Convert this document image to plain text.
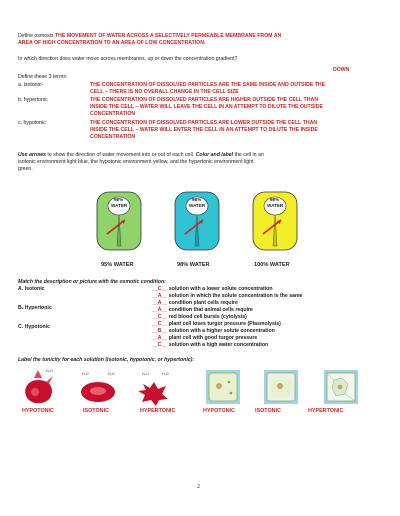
Define osmosis. THE MOVEMENT OF WATER ACROSS A SELECTIVELY PERMEABLE MEMBRANE FROM AN
AREA OF HIGH CONCENTRATION TO AN AREA OF LOW CONCENTRATION.
In which direction does water move across membranes, up or down the concentration gradient?
DOWN
Define these 3 terms:
a. isotonic-	THE CONCENTRATION OF DISSOLVED PARTICLES ARE THE SAME INSIDE AND OUTSIDE THE
CELL – THERE IS NO OVERALL CHANGE IN THE CELL SIZE
b. hypertonic	THE CONCENTRATION OF DISSOLVED PARTICLES ARE HIGHER OUTSIDE THE CELL THAN
INSIDE THE CELL – WATER WILL LEAVE THE CELL IN AN ATTEMPT TO DILUTE THE OUTSIDE
CONCENTRATION
c. hypotonic	THE CONCENTRATION OF DISSOLVED PARTICLES ARE LOWER OUTSIDE THE CELL THAN
INSIDE THE CELL – WATER WILL ENTER THE CELL IN AN ATTEMPT TO DILUTE THE INSIDE
CONCENTRATION
Use arrows to show the direction of water movement into or out of each cell. Color and label the cell in an
isotonic environment light blue, the hypotonic environment yellow, and the hypertonic environment light
green.
98%
WATER
98%
WATER
98%
WATER
95% WATER	98% WATER	100% WATER
Match the description or picture with the osmotic condition:
A. Isotonic
B. Hypertonic
C. Hypotonic
__C__ solution with a lower solute concentration
__A__ solution in which the solute concentration is the same
__A__ condition plant cells require
__A__ condition that animal cells require
__C__ red blood cell bursts (cytolysis)
__C__ plant cell loses turgor pressure (Plasmolysis)
__B__ solution with a higher solute concentration
__A__ plant cell with good turgor pressure
__C__ solution with a high water concentration
Label the tonicity for each solution (isotonic, hypotonic, or hypertonic):
H₂O
H₂O	H₂O	H₂O	H₂O
HYPOTONIC	ISOTONIC	HYPERTONIC	HYPOTONIC	ISOTONIC	HYPERTONIC
2
